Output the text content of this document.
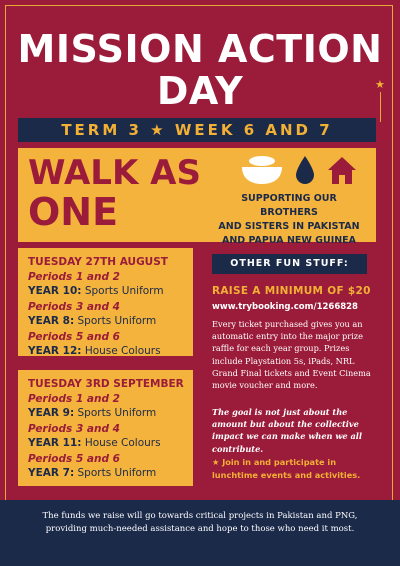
★
MISSION ACTION
DAY
TERM 3 ★ WEEK 6 AND 7
WALK AS
ONE	SUPPORTING OUR BROTHERS
AND SISTERS IN PAKISTAN
AND PAPUA NEW GUINEA
TUESDAY 27TH AUGUST
Periods 1 and 2
YEAR 10: Sports Uniform
Periods 3 and 4
YEAR 8: Sports Uniform
Periods 5 and 6
YEAR 12: House Colours
TUESDAY 3RD SEPTEMBER
Periods 1 and 2
YEAR 9: Sports Uniform
Periods 3 and 4
YEAR 11: House Colours
Periods 5 and 6
YEAR 7: Sports Uniform
OTHER FUN STUFF:
RAISE A MINIMUM OF $20
www.trybooking.com/1266828
Every ticket purchased gives you an automatic entry into the major prize raffle for each year group. Prizes include Playstation 5s, iPads, NRL Grand Final tickets and Event Cinema movie voucher and more.
The goal is not just about the amount but about the collective impact we can make when we all contribute.
★ Join in and participate in lunchtime events and activities.
The funds we raise will go towards critical projects in Pakistan and PNG, providing much-needed assistance and hope to those who need it most.
